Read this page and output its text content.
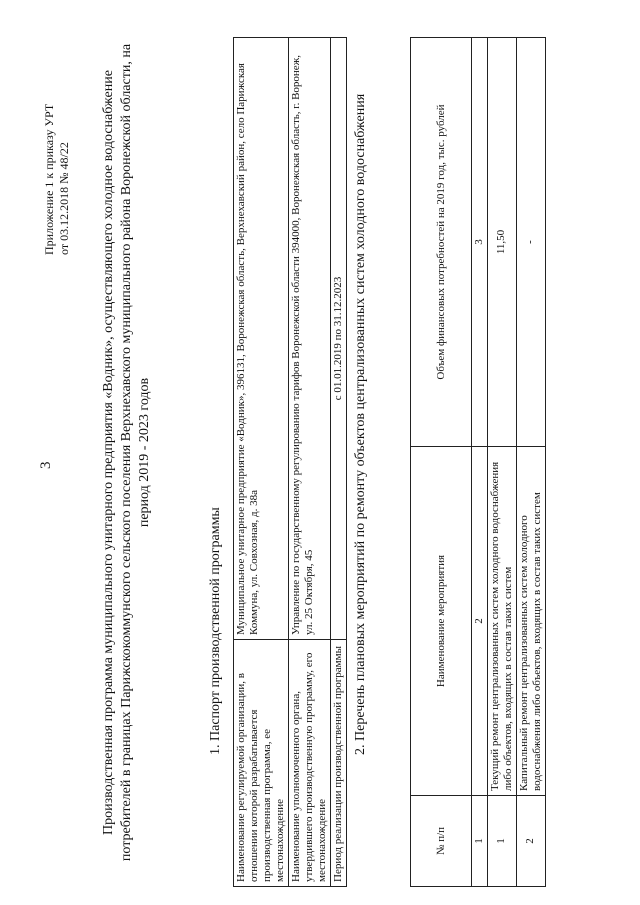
3
Приложение 1 к приказу УРТ от 03.12.2018 № 48/22 Производственная программа муниципального унитарного предприятия «Водник», осуществляющего холодное водоснабжение потребителей в границах Парижскокоммунского сельского поселения Верхнехавского муниципального района Воронежской области, на период 2019 - 2023 годов
1. Паспорт производственной программы
Наименование регулируемой организации, в отношении которой разрабатывается производственная программа, ее местонахождение	Муниципальное унитарное предприятие «Водник», 396131, Воронежская область, Верхнехавский район, село Парижская Коммуна, ул. Совхозная, д. 38а
Наименование уполномоченного органа, утвердившего производственную программу, его местонахождение	Управление по государственному регулированию тарифов Воронежской области 394000, Воронежская область, г. Воронеж, ул. 25 Октября, 45
Период реализации производственной программы	с 01.01.2019 по 31.12.2023 2. Перечень плановых мероприятий по ремонту объектов централизованных систем холодного водоснабжения
№ п/п	Наименование мероприятия	Объем финансовых потребностей на 2019 год, тыс. рублей
1	2	3
1	Текущий ремонт централизованных систем холодного водоснабжения либо объектов, входящих в состав таких систем	11,50
2	Капитальный ремонт централизованных систем холодного водоснабжения либо объектов, входящих в состав таких систем	-
